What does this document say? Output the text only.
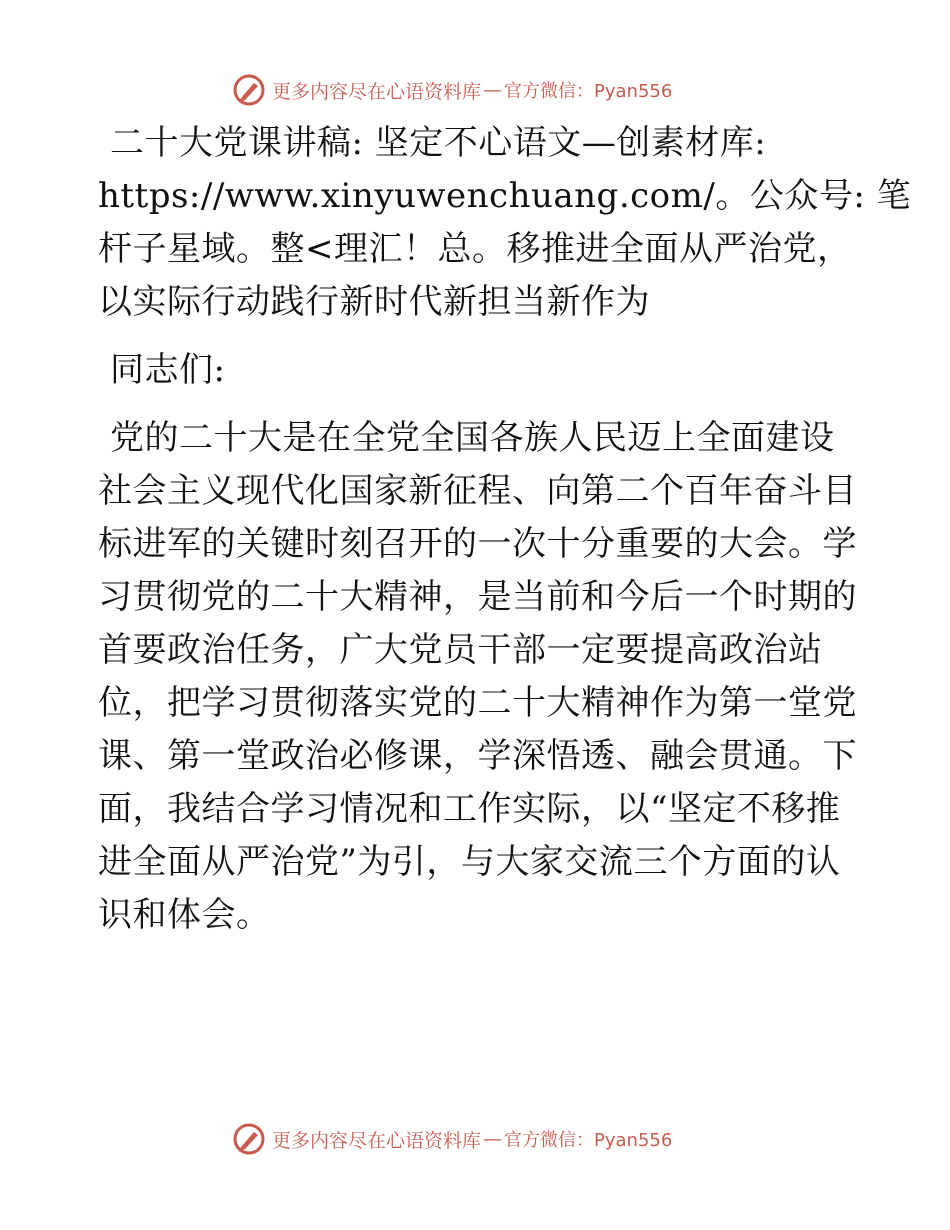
更多内容尽在心语资料库 — 官方微信：Pyan556
二十大党课讲稿: 坚定不心语文—创素材库:
https://www.xinyuwenchuang.com/。公众号: 笔
杆子星域。整<理汇！总。移推进全面从严治党，
以实际行动践行新时代新担当新作为
同志们:
党的二十大是在全党全国各族人民迈上全面建设
社会主义现代化国家新征程、向第二个百年奋斗目
标进军的关键时刻召开的一次十分重要的大会。学
习贯彻党的二十大精神，是当前和今后一个时期的
首要政治任务，广大党员干部一定要提高政治站
位，把学习贯彻落实党的二十大精神作为第一堂党
课、第一堂政治必修课，学深悟透、融会贯通。下
面，我结合学习情况和工作实际，以“坚定不移推
进全面从严治党”为引，与大家交流三个方面的认
识和体会。
更多内容尽在心语资料库 — 官方微信：Pyan556
